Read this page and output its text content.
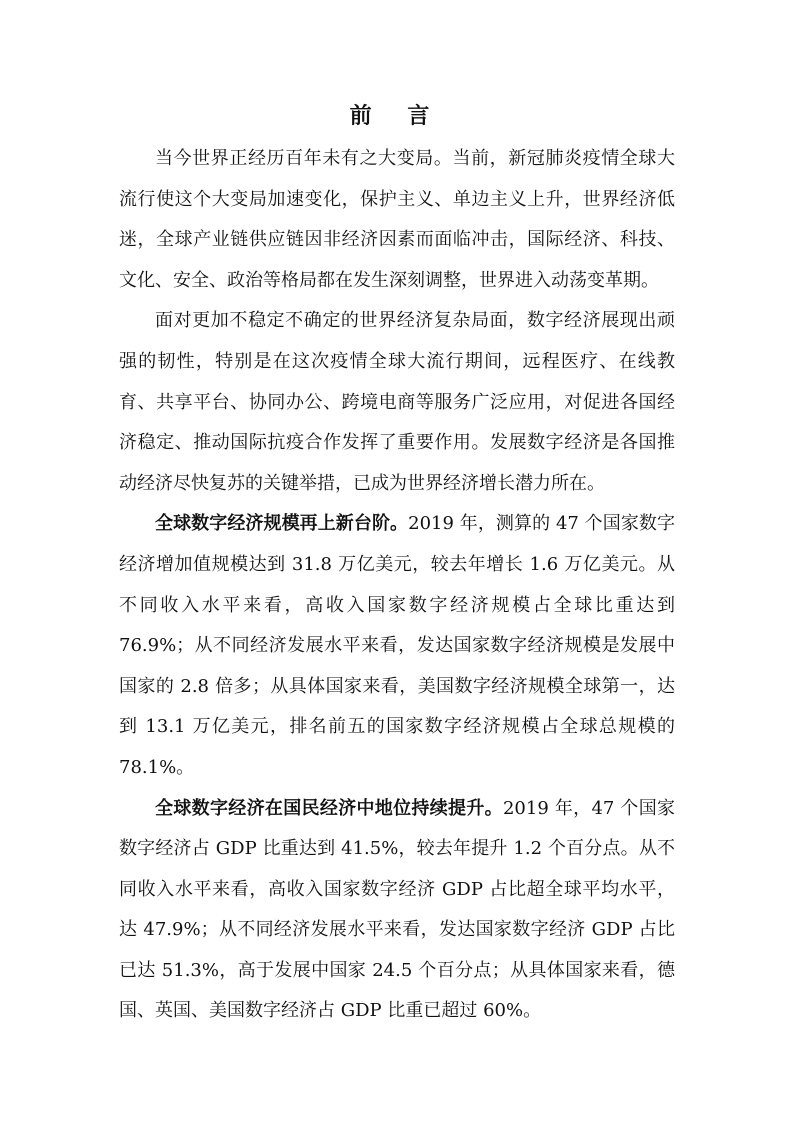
前 言

当今世界正经历百年未有之大变局。当前，新冠肺炎疫情全球大流行使这个大变局加速变化，保护主义、单边主义上升，世界经济低迷，全球产业链供应链因非经济因素而面临冲击，国际经济、科技、文化、安全、政治等格局都在发生深刻调整，世界进入动荡变革期。

面对更加不稳定不确定的世界经济复杂局面，数字经济展现出顽强的韧性，特别是在这次疫情全球大流行期间，远程医疗、在线教育、共享平台、协同办公、跨境电商等服务广泛应用，对促进各国经济稳定、推动国际抗疫合作发挥了重要作用。发展数字经济是各国推动经济尽快复苏的关键举措，已成为世界经济增长潜力所在。

全球数字经济规模再上新台阶。2019 年，测算的 47 个国家数字经济增加值规模达到 31.8 万亿美元，较去年增长 1.6 万亿美元。从不同收入水平来看，高收入国家数字经济规模占全球比重达到 76.9%；从不同经济发展水平来看，发达国家数字经济规模是发展中国家的 2.8 倍多；从具体国家来看，美国数字经济规模全球第一，达到 13.1 万亿美元，排名前五的国家数字经济规模占全球总规模的 78.1%。

全球数字经济在国民经济中地位持续提升。2019 年，47 个国家数字经济占 GDP 比重达到 41.5%，较去年提升 1.2 个百分点。从不同收入水平来看，高收入国家数字经济 GDP 占比超全球平均水平，达 47.9%；从不同经济发展水平来看，发达国家数字经济 GDP 占比已达 51.3%，高于发展中国家 24.5 个百分点；从具体国家来看，德国、英国、美国数字经济占 GDP 比重已超过 60%。
